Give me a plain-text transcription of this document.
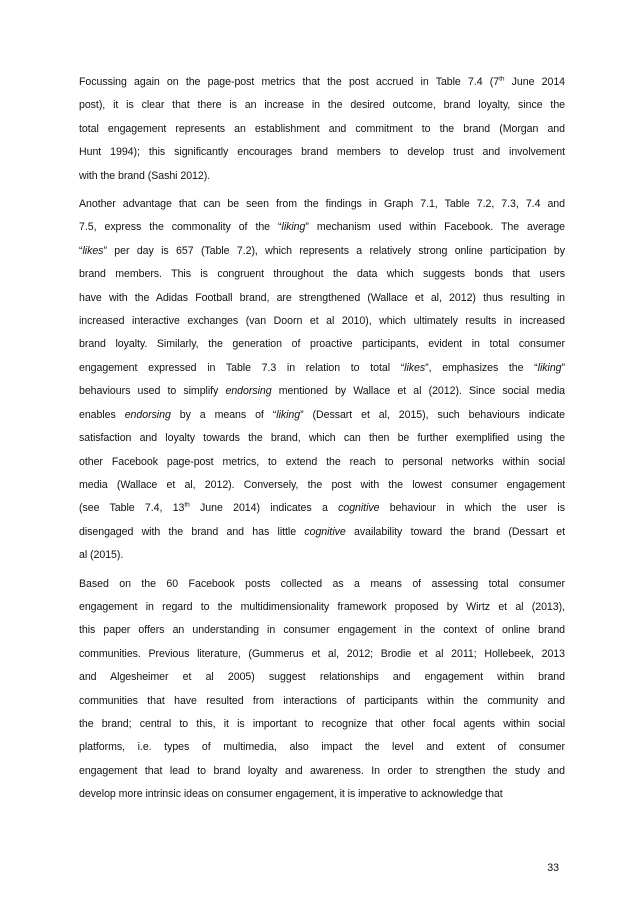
Focussing again on the page-post metrics that the post accrued in Table 7.4 (7th June 2014
post), it is clear that there is an increase in the desired outcome, brand loyalty, since the
total engagement represents an establishment and commitment to the brand (Morgan and
Hunt 1994); this significantly encourages brand members to develop trust and involvement
with the brand (Sashi 2012).
Another advantage that can be seen from the findings in Graph 7.1, Table 7.2, 7.3, 7.4 and
7.5, express the commonality of the “liking” mechanism used within Facebook. The average
“likes” per day is 657 (Table 7.2), which represents a relatively strong online participation by
brand members. This is congruent throughout the data which suggests bonds that users
have with the Adidas Football brand, are strengthened (Wallace et al, 2012) thus resulting in
increased interactive exchanges (van Doorn et al 2010), which ultimately results in increased
brand loyalty. Similarly, the generation of proactive participants, evident in total consumer
engagement expressed in Table 7.3 in relation to total “likes”, emphasizes the “liking”
behaviours used to simplify endorsing mentioned by Wallace et al (2012). Since social media
enables endorsing by a means of “liking” (Dessart et al, 2015), such behaviours indicate
satisfaction and loyalty towards the brand, which can then be further exemplified using the
other Facebook page-post metrics, to extend the reach to personal networks within social
media (Wallace et al, 2012). Conversely, the post with the lowest consumer engagement
(see Table 7.4, 13th June 2014) indicates a cognitive behaviour in which the user is
disengaged with the brand and has little cognitive availability toward the brand (Dessart et
al (2015).
Based on the 60 Facebook posts collected as a means of assessing total consumer
engagement in regard to the multidimensionality framework proposed by Wirtz et al (2013),
this paper offers an understanding in consumer engagement in the context of online brand
communities. Previous literature, (Gummerus et al, 2012; Brodie et al 2011; Hollebeek, 2013
and Algesheimer et al 2005) suggest relationships and engagement within brand
communities that have resulted from interactions of participants within the community and
the brand; central to this, it is important to recognize that other focal agents within social
platforms, i.e. types of multimedia, also impact the level and extent of consumer
engagement that lead to brand loyalty and awareness. In order to strengthen the study and
develop more intrinsic ideas on consumer engagement, it is imperative to acknowledge that
33
